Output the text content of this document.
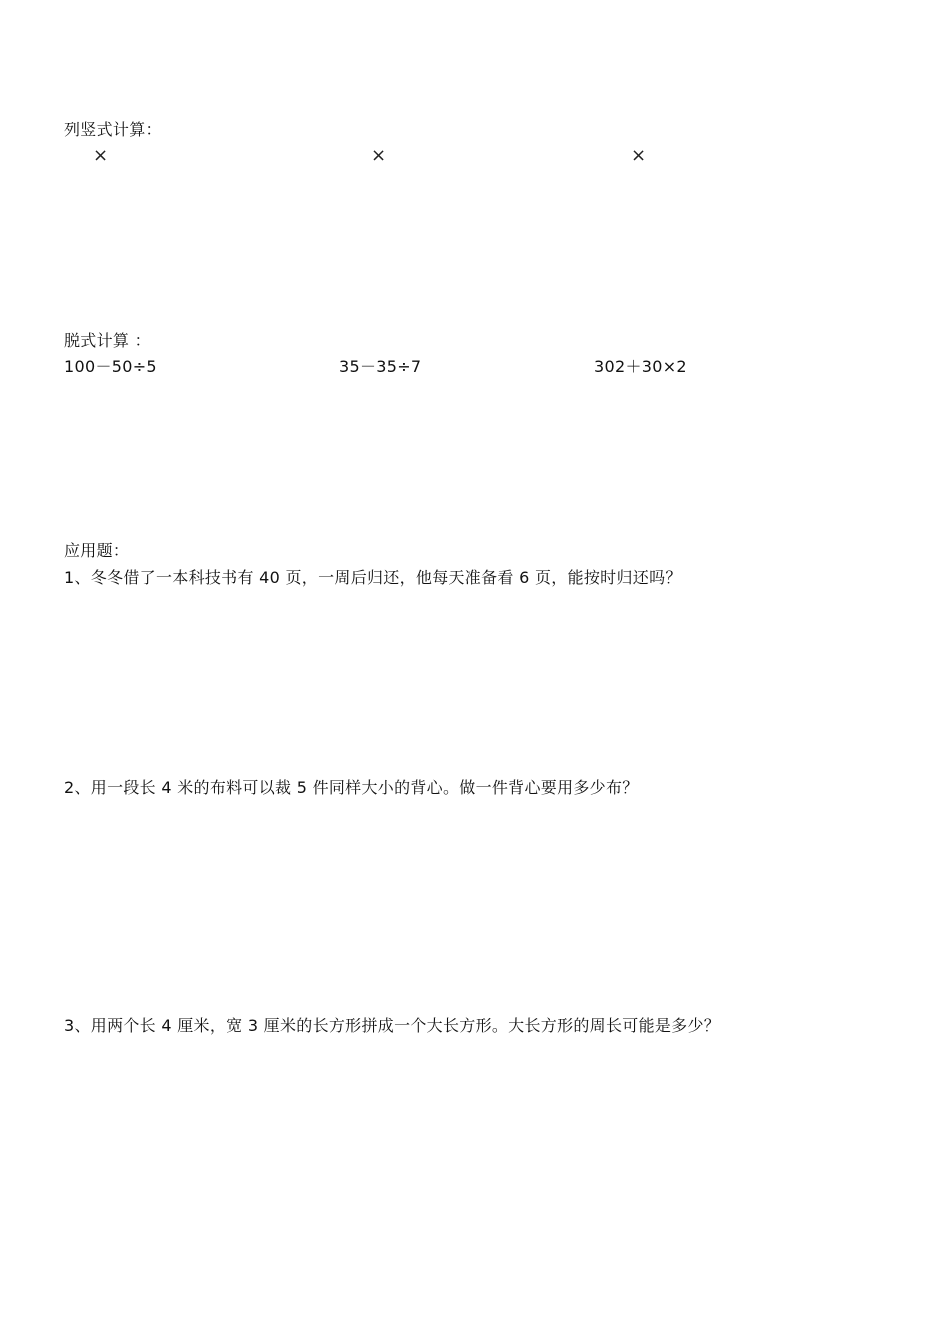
列竖式计算：
×	×	×
脱式计算 ：
100－50÷5	35－35÷7	302＋30×2
应用题：
1、冬冬借了一本科技书有 40 页，一周后归还，他每天准备看 6 页，能按时归还吗？
2、用一段长 4 米的布料可以裁 5 件同样大小的背心。做一件背心要用多少布？
3、用两个长 4 厘米，宽 3 厘米的长方形拼成一个大长方形。大长方形的周长可能是多少？
